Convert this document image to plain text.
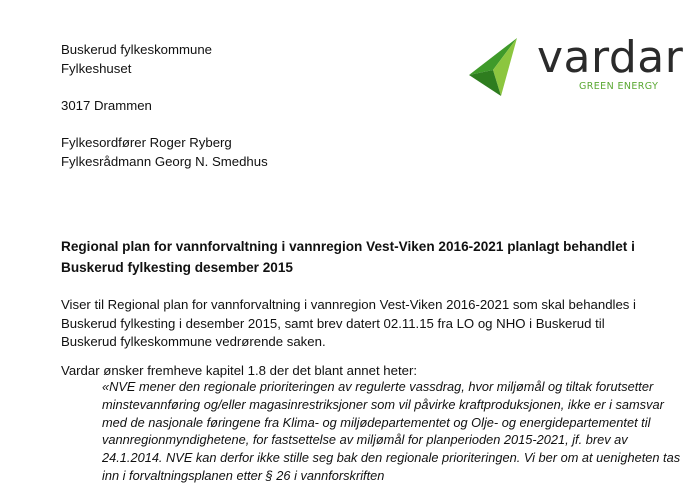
Buskerud fylkeskommune
Fylkeshuset
3017 Drammen
Fylkesordfører Roger Ryberg
Fylkesrådmann Georg N. Smedhus
vardar
GREEN ENERGY
Regional plan for vannforvaltning i vannregion Vest-Viken 2016-2021 planlagt behandlet i Buskerud fylkesting desember 2015
Viser til Regional plan for vannforvaltning i vannregion Vest-Viken 2016-2021 som skal behandles i Buskerud fylkesting i desember 2015, samt brev datert 02.11.15 fra LO og NHO i Buskerud til Buskerud fylkeskommune vedrørende saken.
Vardar ønsker fremheve kapitel 1.8 der det blant annet heter:
«NVE mener den regionale prioriteringen av regulerte vassdrag, hvor miljømål og tiltak forutsetter minstevannføring og/eller magasinrestriksjoner som vil påvirke kraftproduksjonen, ikke er i samsvar med de nasjonale føringene fra Klima- og miljødepartementet og Olje- og energidepartementet til vannregionmyndighetene, for fastsettelse av miljømål for planperioden 2015-2021, jf. brev av 24.1.2014. NVE kan derfor ikke stille seg bak den regionale prioriteringen. Vi ber om at uenigheten tas inn i forvaltningsplanen etter § 26 i vannforskriften
